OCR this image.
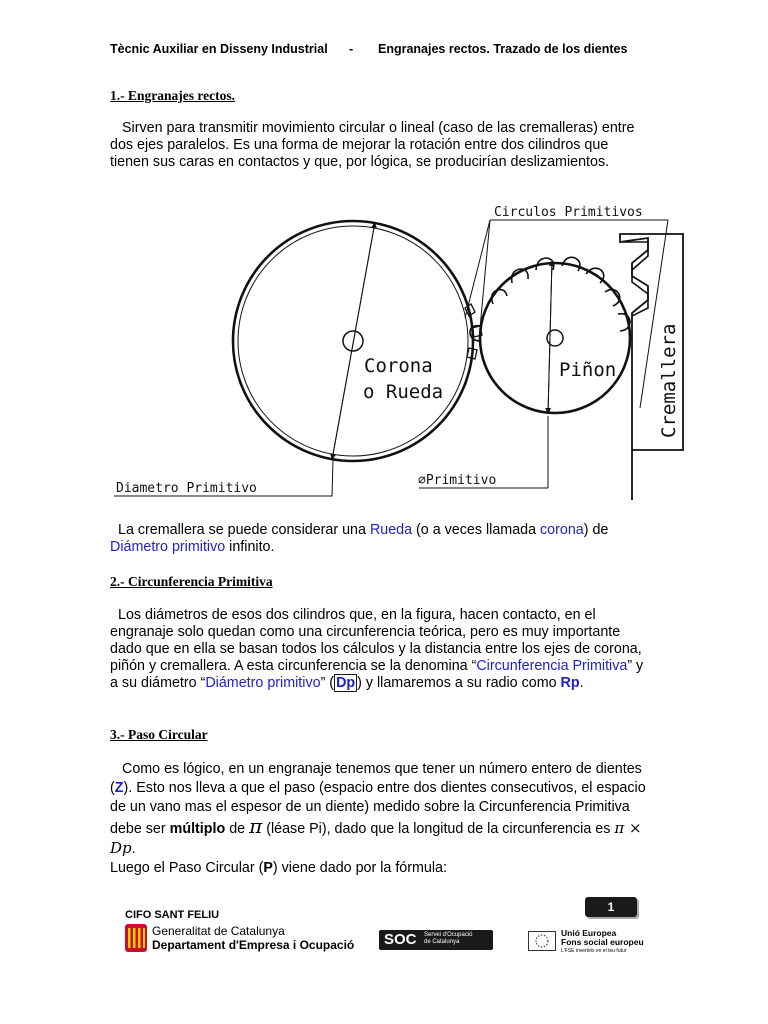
Tècnic Auxiliar en Disseny Industrial - Engranajes rectos. Trazado de los dientes
1.- Engranajes rectos.
Sirven para transmitir movimiento circular o lineal (caso de las cremalleras) entre dos ejes paralelos. Es una forma de mejorar la rotación entre dos cilindros que tienen sus caras en contactos y que, por lógica, se producirían deslizamientos.
Circulos Primitivos
Corona
o Rueda
Piñon Cremallera
Diametro Primitivo
∅Primitivo
La cremallera se puede considerar una Rueda (o a veces llamada corona) de Diámetro primitivo infinito.
2.- Circunferencia Primitiva
Los diámetros de esos dos cilindros que, en la figura, hacen contacto, en el engranaje solo quedan como una circunferencia teórica, pero es muy importante dado que en ella se basan todos los cálculos y la distancia entre los ejes de corona, piñón y cremallera. A esta circunferencia se la denomina “Circunferencia Primitiva” y a su diámetro “Diámetro primitivo” ( Dp ) y llamaremos a su radio como Rp.
3.- Paso Circular
Como es lógico, en un engranaje tenemos que tener un número entero de dientes (Z). Esto nos lleva a que el paso (espacio entre dos dientes consecutivos, el espacio de un vano mas el espesor de un diente) medido sobre la Circunferencia Primitiva debe ser múltiplo de π (léase Pi), dado que la longitud de la circunferencia es π × Dp.
Luego el Paso Circular (P) viene dado por la fórmula:
CIFO SANT FELIU
1
Generalitat de Catalunya
Departament d'Empresa i Ocupació SOC Servei d'Ocupació
de Catalunya
Unió Europea
Fons social europeu
L'FSE inverteix en el teu futur
